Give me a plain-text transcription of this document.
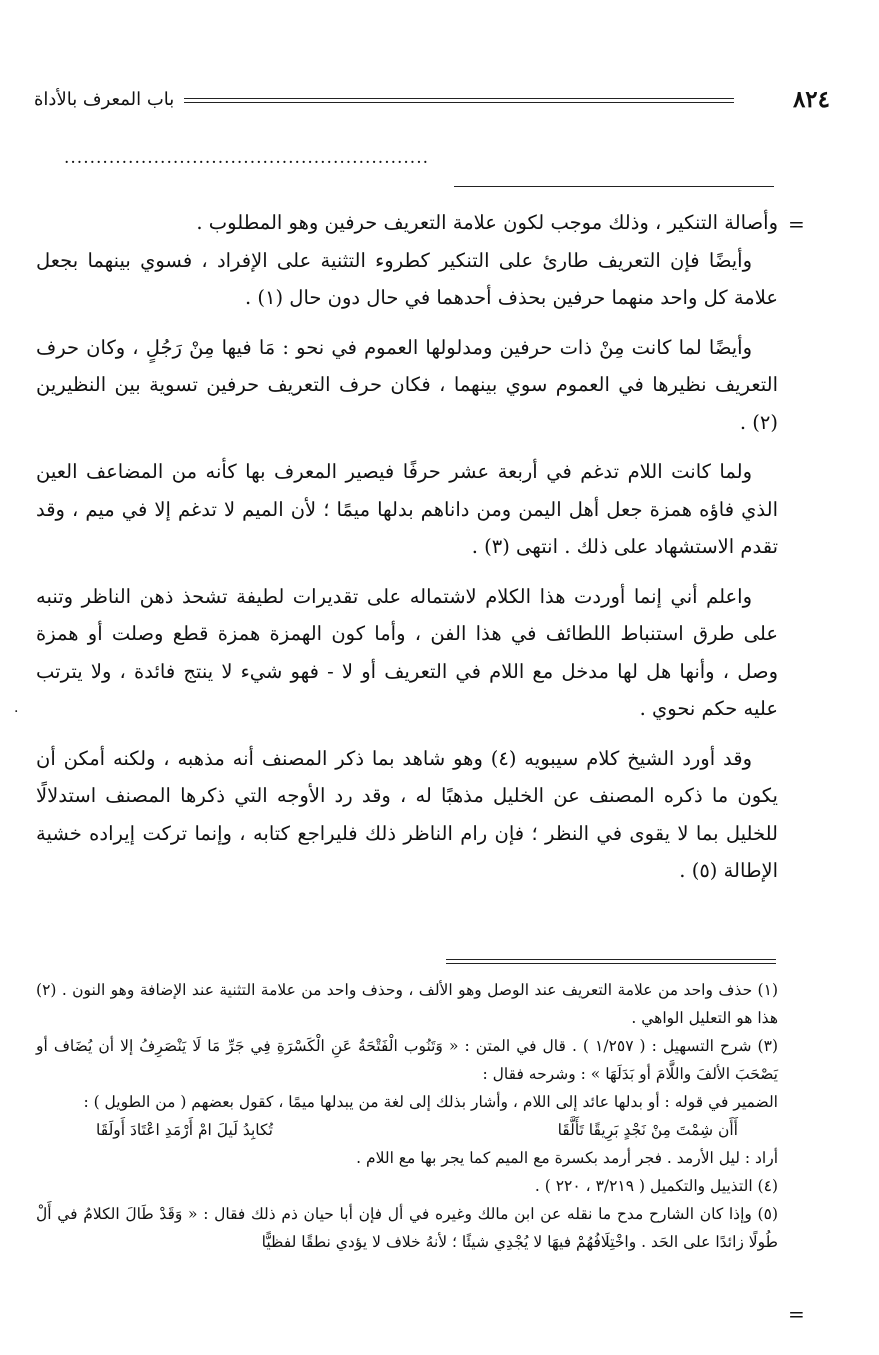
٨٢٤
باب المعرف بالأداة
.........................................................
=
·

وأصالة التنكير ، وذلك موجب لكون علامة التعريف حرفين وهو المطلوب .

وأيضًا فإن التعريف طارئ على التنكير كطروء التثنية على الإفراد ، فسوي بينهما بجعل علامة كل واحد منهما حرفين بحذف أحدهما في حال دون حال (١) .

وأيضًا لما كانت مِنْ ذات حرفين ومدلولها العموم في نحو : مَا فيها مِنْ رَجُلٍ ، وكان حرف التعريف نظيرها في العموم سوي بينهما ، فكان حرف التعريف حرفين تسوية بين النظيرين (٢) .

ولما كانت اللام تدغم في أربعة عشر حرفًا فيصير المعرف بها كأنه من المضاعف العين الذي فاؤه همزة جعل أهل اليمن ومن داناهم بدلها ميمًا ؛ لأن الميم لا تدغم إلا في ميم ، وقد تقدم الاستشهاد على ذلك . انتهى (٣) .

واعلم أني إنما أوردت هذا الكلام لاشتماله على تقديرات لطيفة تشحذ ذهن الناظر وتنبه على طرق استنباط اللطائف في هذا الفن ، وأما كون الهمزة همزة قطع وصلت أو همزة وصل ، وأنها هل لها مدخل مع اللام في التعريف أو لا - فهو شيء لا ينتج فائدة ، ولا يترتب عليه حكم نحوي .

وقد أورد الشيخ كلام سيبويه (٤) وهو شاهد بما ذكر المصنف أنه مذهبه ، ولكنه أمكن أن يكون ما ذكره المصنف عن الخليل مذهبًا له ، وقد رد الأوجه التي ذكرها المصنف استدلالًا للخليل بما لا يقوى في النظر ؛ فإن رام الناظر ذلك فليراجع كتابه ، وإنما تركت إيراده خشية الإطالة (٥) .

(١) حذف واحد من علامة التعريف عند الوصل وهو الألف ، وحذف واحد من علامة التثنية عند الإضافة وهو النون . (٢) هذا هو التعليل الواهي .

(٣) شرح التسهيل : ( ١/٢٥٧ ) . قال في المتن : « وَتَنُوب الْفَتْحَةُ عَنِ الْكَسْرَةِ فِي جَرِّ مَا لَا يَنْصَرِفُ إلا أن يُضَاف أو يَصْحَبَ الألفَ واللَّامَ أو بَدَلَهَا » : وشرحه فقال :

الضمير في قوله : أو بدلها عائد إلى اللام ، وأشار بذلك إلى لغة من يبدلها ميمًا ، كقول بعضهم ( من الطويل ) :

أَأَن شِمْتَ مِنْ نَجْدٍ بَرِيقًا تَأَلَّقَا
تُكابِدُ لَيلَ امْ أَرْمَدِ اعْتَادَ أَولَقَا

أراد : ليل الأرمد . فجر أرمد بكسرة مع الميم كما يجر بها مع اللام .

(٤) التذييل والتكميل ( ٣/٢١٩ ، ٢٢٠ ) .

(٥) وإذا كان الشارح مدح ما نقله عن ابن مالك وغيره في أل فإن أبا حيان ذم ذلك فقال : « وَقَدْ طَالَ الكلامُ في أَلْ طُولًا زائدًا على الحَد . واخْتِلَافُهُمْ فيهَا لا يُجْدِي شيئًا ؛ لأنهُ خلاف لا يؤدي نطقًا لفظيًّا

=
